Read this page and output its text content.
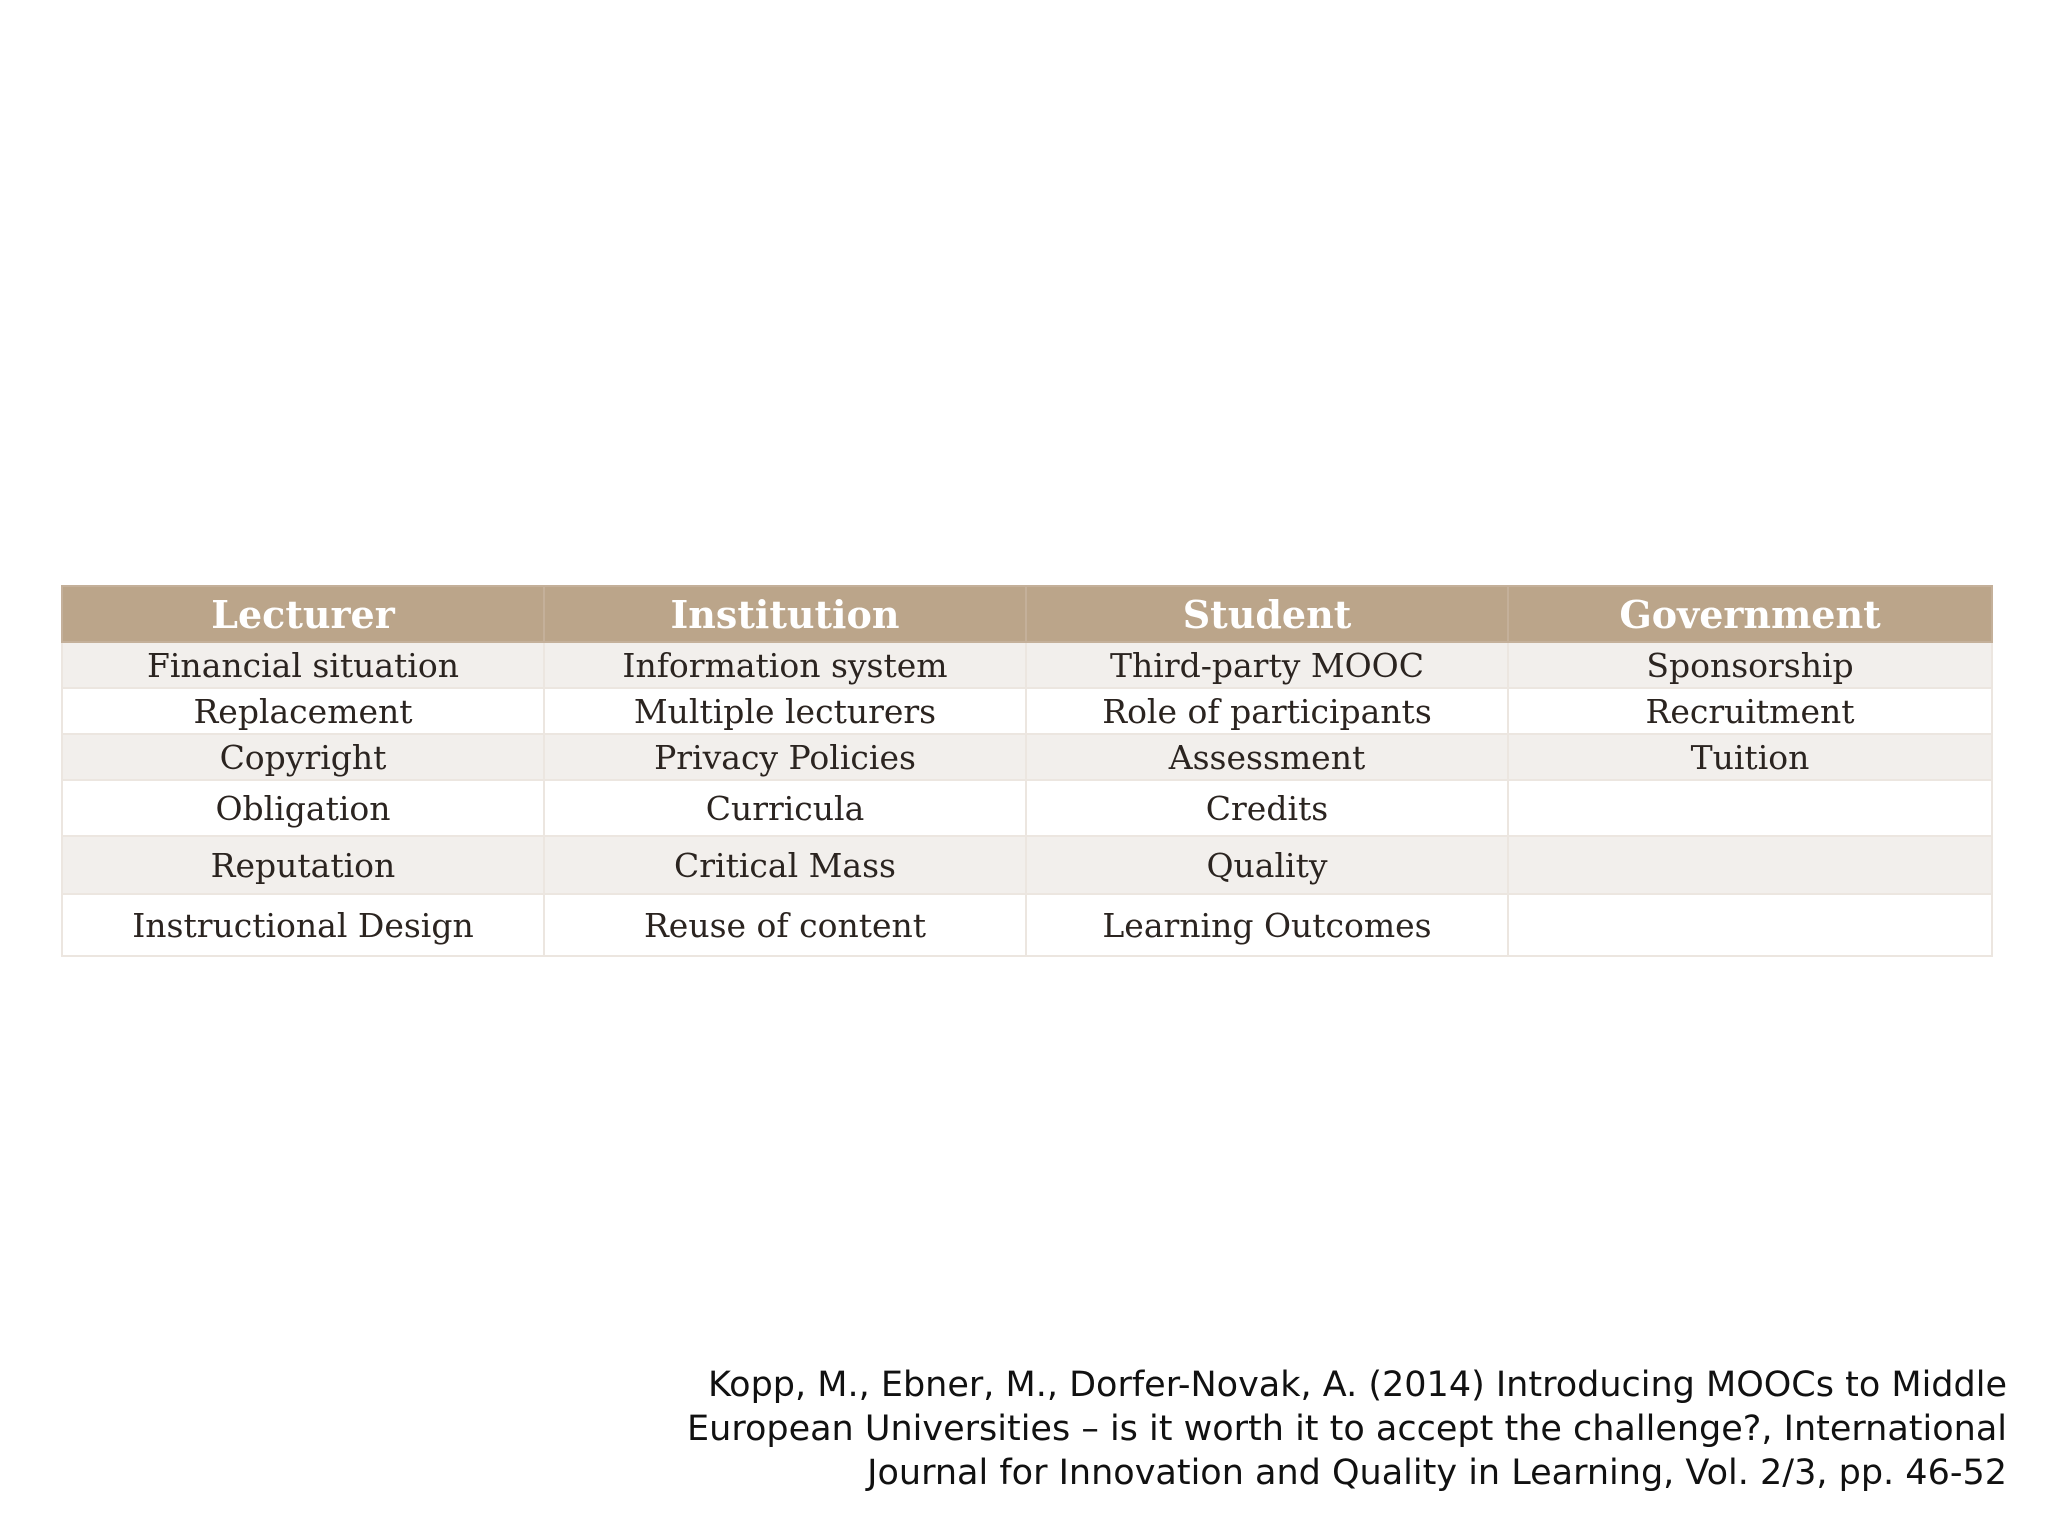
Lecturer	Institution	Student	Government
Financial situation	Information system	Third-party MOOC	Sponsorship
Replacement	Multiple lecturers	Role of participants	Recruitment
Copyright	Privacy Policies	Assessment	Tuition
Obligation	Curricula	Credits	
Reputation	Critical Mass	Quality	
Instructional Design	Reuse of content	Learning Outcomes	
Kopp, M., Ebner, M., Dorfer-Novak, A. (2014) Introducing MOOCs to Middle
European Universities – is it worth it to accept the challenge?, International
Journal for Innovation and Quality in Learning, Vol. 2/3, pp. 46-52
